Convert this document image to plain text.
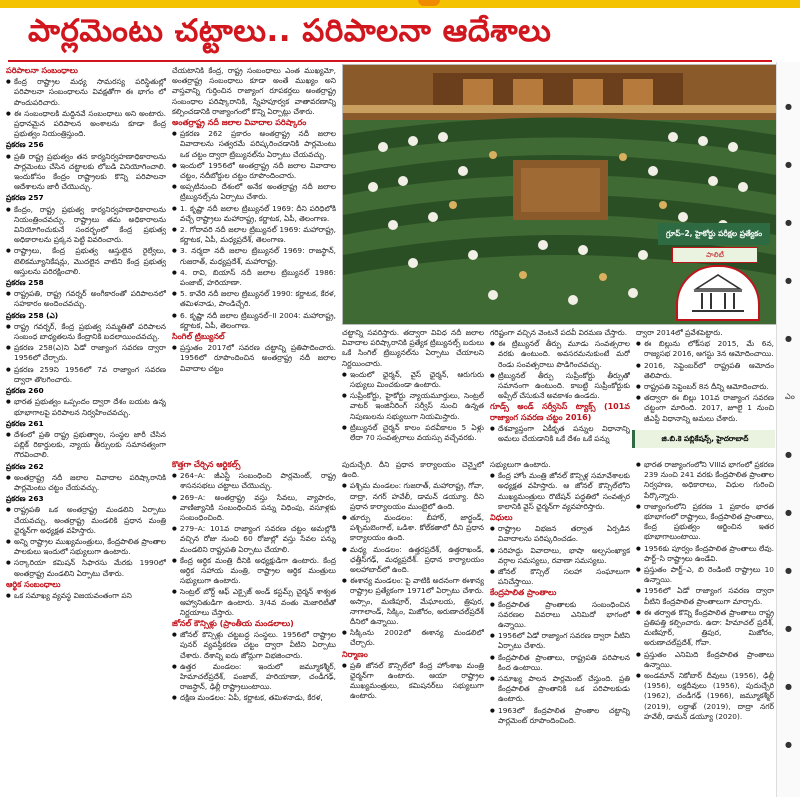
పార్లమెంటు చట్టాలు.. పరిపాలనా ఆదేశాలు

పరిపాలనా సంబంధాలు

● కేంద్ర రాష్ట్రాల మధ్య సామరస్య పరిస్థితుల్లో పరిపాలనా సంబంధాలను వివక్షతోగా ఈ భాగం లో పొందుపరిచారు.

● ఈ సంబంధాలకి మద్దినవే సంబంధాలు అని అంటారు. ప్రధానమైన పరిపాలన అంశాలను కూడా కేంద్ర ప్రభుత్వం నియంత్రిస్తుంది.

ప్రకరణ 256

● ప్రతి రాష్ట్ర ప్రభుత్వం తన కార్యనిర్వహణాధికారాలను పార్లమెంటు చేసిన చట్టాలకు లోబడి వినియోగించాలి. ఇందుకోసం కేంద్రం రాష్ట్రాలకు కొన్ని పరిపాలనా ఆదేశాలను జారీ చేయొచ్చు.

ప్రకరణ 257

● కేంద్రం, రాష్ట్ర ప్రభుత్వ కార్యనిర్వహణాధికారాలను నియంత్రించవచ్చు. రాష్ట్రాలు తమ అధికారాలను వినియోగించుకునే సందర్భంలో కేంద్ర ప్రభుత్వ అధికారాలను ప్రక్కన పెట్టి వివరించారు.

● రాష్ట్రాలు, కేంద్ర ప్రభుత్వ ఆస్తులైన రైల్వేలు, టెలికమ్యూనికేషన్లు, మొదలైన వాటిని కేంద్ర ప్రభుత్వ ఆస్తులను పరిరక్షించాలి.

ప్రకరణ 258

● రాష్ట్రపతి, రాష్ట్ర గవర్నర్‌ అంగీకారంతో పరిపాలనలో సహకారం అందించవచ్చు.

ప్రకరణ 258 (ఎ)

● రాష్ట్ర గవర్నర్‌, కేంద్ర ప్రభుత్వ సమ్మతితో పరిపాలన సంబంధ బాధ్యతలను కేంద్రానికి బదలాయించవచ్చు.

● ప్రకరణ 258(ఎ)ని ఏడో రాజ్యాంగ సవరణ ద్వారా 1956లో చేర్చారు.

● ప్రకరణ 259ని 1956లో 7వ రాజ్యాంగ సవరణ ద్వారా తొలగించారు.

ప్రకరణ 260

● భారత ప్రభుత్వం ఒప్పందం ద్వారా దేశం బయట ఉన్న భూభాగాలపై పరిపాలన నిర్వహించవచ్చు.

ప్రకరణ 261

● దేశంలో ప్రతి రాష్ట్ర ప్రభుత్వాల, సంస్థల జారీ చేసిన పబ్లిక్‌ రికార్డులకు, న్యాయ తీర్పులకు సమానత్వంగా గౌరవించాలి.

ప్రకరణ 262

● అంతర్రాష్ట్ర నదీ జలాల వివాదాల పరిష్కారానికి పార్లమెంటు చట్టం చేయవచ్చు.

ప్రకరణ 263

● రాష్ట్రపతి ఒక అంతర్రాష్ట్ర మండలిని ఏర్పాటు చేయవచ్చు. అంతర్రాష్ట్ర మండలికి ప్రధాన మంత్రి ఛైర్మన్‌గా అధ్యక్షత వహిస్తారు.

● అన్ని రాష్ట్రాల ముఖ్యమంత్రులు, కేంద్రపాలిత ప్రాంతాల పాలకులు ఇందులో సభ్యులుగా ఉంటారు.

● సర్కారియా కమిషన్‌ సిఫారసు మేరకు 1990లో అంతర్రాష్ట్ర మండలిని ఏర్పాటు చేశారు.

ఆర్థిక సంబంధాలు

● ఒక సమాఖ్య వ్యవస్థ విజయవంతంగా పని

చేయటానికి కేంద్ర, రాష్ట్ర సంబంధాలు ఎంత ముఖ్యమో, అంతర్రాష్ట్ర సంబంధాలు కూడా అంతే ముఖ్యం అని వాస్తవాన్ని గుర్తించిన రాజ్యాంగ రూపకర్తలు అంతర్రాష్ట్ర సంబంధాల పరిష్కారానికి, స్నేహపూర్వక వాతావరణాన్ని కల్పించడానికి రాజ్యాంగంలో కొన్ని ఏర్పాట్లు చేశారు.

అంతర్రాష్ట్ర నదీ జలాల వివాదాల పరిష్కారం

● ప్రకరణ 262 ప్రకారం అంతర్రాష్ట్ర నదీ జలాల వివాదాలను సత్వరమే పరిష్కరించడానికి పార్లమెంటు ఒక చట్టం ద్వారా ట్రిబ్యునల్‌ను ఏర్పాటు చేయవచ్చు.

● ఇందులో 1956లో అంతర్రాష్ట్ర నదీ జలాల వివాదాల చట్టం, నదీబోర్డుల చట్టం రూపొందించారు.

● అప్పటినుంచి దేశంలో అనేక అంతర్రాష్ట్ర నదీ జలాల ట్రిబ్యునల్స్‌ను ఏర్పాటు చేశారు.

● 1. కృష్ణా నదీ జలాల ట్రిబ్యునల్‌ 1969: దీని పరిధిలోకి వచ్చే రాష్ట్రాలు మహారాష్ట్ర, కర్ణాటక, ఏపీ, తెలంగాణ.

● 2. గోదావరి నదీ జలాల ట్రిబ్యునల్‌ 1969: మహారాష్ట్ర, కర్ణాటక, ఏపీ, మధ్యప్రదేశ్‌, తెలంగాణ.

● 3. నర్మదా నదీ జలాల ట్రిబ్యునల్‌ 1969: రాజస్థాన్‌, గుజరాత్‌, మధ్యప్రదేశ్‌, మహారాష్ట్ర.

● 4. రావి, బియాస్‌ నదీ జలాల ట్రిబ్యునల్‌ 1986: పంజాబ్‌, హరియాణా.

● 5. కావేరి నదీ జలాల ట్రిబ్యునల్‌ 1990: కర్ణాటక, కేరళ, తమిళనాడు, పాండిచ్చేరి.

● 6. కృష్ణా నదీ జలాల ట్రిబ్యునల్‌–II 2004: మహారాష్ట్ర, కర్ణాటక, ఏపీ, తెలంగాణ.

సింగిల్‌ ట్రిబ్యునల్‌

● ప్రస్తుతం 2017లో సవరణ చట్టాన్ని ప్రతిపాదించారు. 1956లో రూపొందించిన అంతర్రాష్ట్ర నదీ జలాల వివాదాల చట్టం

గ్రూప్‌–2, హైకోర్టు పరీక్షల ప్రత్యేకం
పాలిటీ

చట్టాన్ని సవరిస్తారు. తద్వారా వివిధ నదీ జలాల వివాదాల పరిష్కారానికి ప్రత్యేక ట్రిబ్యునల్స్‌ బదులు ఒకే సింగిల్‌ ట్రిబ్యునల్‌ను ఏర్పాటు చేయాలని నిర్ణయించారు.

● ఇందులో ఛైర్మన్‌, వైస్‌ ఛైర్మన్‌, ఆరుగురు సభ్యులు మించకుండా ఉంటారు.

● సుప్రీంకోర్టు, హైకోర్టు న్యాయమూర్తులు, సెంట్రల్‌ వాటర్‌ ఇంజినీరింగ్‌ సర్వీస్‌ నుంచి ఉన్నత నిపుణులను సభ్యులుగా నియమిస్తారు.

● ట్రిబ్యునల్‌ చైర్మన్‌ కాలం పదవీకాలం 5 ఏళ్లు లేదా 70 సంవత్సరాలు వయస్సు వచ్చేవరకు.

గరిష్టంగా వచ్చిన వెంటనే పదవీ విరమణ చేస్తారు.

● ఈ ట్రిబ్యునల్‌ తీర్పు మూడు సంవత్సరాల వరకు ఉంటుంది. అవసరమనుకుంటే మరో రెండు సంవత్సరాలు పొడిగించవచ్చు.

● ట్రిబ్యునల్‌ తీర్పు సుప్రీంకోర్టు తీర్పుతో సమానంగా ఉంటుంది. కాబట్టి సుప్రీంకోర్టుకు అప్పీల్‌ చేసుకునే అవకాశం ఉండదు.

గూడ్స్‌ అండ్‌ సర్వీసెస్‌ ట్యాక్స్‌ (101వ రాజ్యాంగ సవరణ చట్టం 2016)

● దేశవ్యాప్తంగా ఏకీకృత పన్నుల విధానాన్ని అమలు చేయడానికి ఒకే దేశం ఒకే పన్ను

ద్వారా 2014లో ప్రవేశపెట్టారు.

● ఈ బిల్లును లోక్‌సభ 2015, మే 6న, రాజ్యసభ 2016, ఆగస్టు 3న ఆమోదించాయి.

● 2016, సెప్టెంబర్‌లో రాష్ట్రపతి ఆమోదం తెలిపారు.

● రాష్ట్రపతి సెప్టెంబర్‌ 8న దీన్ని ఆమోదించారు.

● తద్వారా ఈ బిల్లు 101వ రాజ్యాంగ సవరణ చట్టంగా మారింది. 2017, జూలై 1 నుంచి జీఎస్టీ విధానాన్ని అమలు చేశారు.

జి.బి.కె పబ్లికేషన్స్, హైదరాబాద్

కొత్తగా చేర్చిన ఆర్టికల్స్‌

● 264–A: జీఎస్టీ సంబంధించి పార్లమెంట్‌, రాష్ట్ర శాసనసభలు చట్టాలు చేయొచ్చు.

● 269–A: అంతర్రాష్ట్ర వస్తు సేవలు, వ్యాపారం, వాణిజ్యానికి సంబంధించిన పన్ను విధింపు, వసూళ్లకు సంబంధించింది.

● 279–A: 101వ రాజ్యాంగ సవరణ చట్టం అమల్లోకి వచ్చిన రోజు నుంచి 60 రోజుల్లో వస్తు సేవల పన్ను మండలిని రాష్ట్రపతి ఏర్పాటు చేయాలి.

● కేంద్ర ఆర్థిక మంత్రి దీనికి అధ్యక్షుడిగా ఉంటారు. కేంద్ర ఆర్థిక సహాయ మంత్రి, రాష్ట్రాల ఆర్థిక మంత్రులు సభ్యులుగా ఉంటారు.

● సెంట్రల్‌ బోర్డ్‌ ఆఫ్‌ ఎక్సైజ్‌ అండ్‌ కస్టమ్స్‌ చైర్మన్‌ శాశ్వత ఆహ్వానితుడిగా ఉంటారు. 3/4వ వంతు మెజారిటీతో నిర్ణయాలు చేస్తారు.

జోనల్‌ కౌన్సిళ్లు (ప్రాంతీయ మండలాలు)

● జోనల్‌ కౌన్సిళ్లు చట్టబద్ధ సంస్థలు. 1956లో రాష్ట్రాల పునర్‌ వ్యవస్థీకరణ చట్టం ద్వారా వీటిని ఏర్పాటు చేశారు. దేశాన్ని ఐదు జోన్లుగా విభజించారు.

● ఉత్తర మండలం: ఇందులో జమ్మూకశ్మీర్‌, హిమాచల్‌ప్రదేశ్‌, పంజాబ్‌, హరియాణా, చండీగఢ్‌, రాజస్థాన్‌, ఢిల్లీ రాష్ట్రాలుంటాయి.

● దక్షిణ మండలం: ఏపీ, కర్ణాటక, తమిళనాడు, కేరళ,

పుదుచ్చేరి. దీని ప్రధాన కార్యాలయం చెన్నైలో ఉంది.

● పశ్చిమ మండలం: గుజరాత్‌, మహారాష్ట్ర, గోవా, దాద్రా, నగర్‌ హవేలీ, డామన్‌ డయ్యూ. దీని ప్రధాన కార్యాలయం ముంబైలో ఉంది.

● తూర్పు మండలం: బీహార్‌, జార్ఖండ్‌, పశ్చిమబెంగాల్‌, ఒడిశా. కోల్‌కతాలో దీని ప్రధాన కార్యాలయం ఉంది.

● మధ్య మండలం: ఉత్తరప్రదేశ్‌, ఉత్తరాఖండ్‌, ఛత్తీస్‌గఢ్‌, మధ్యప్రదేశ్‌. ప్రధాన కార్యాలయం అలహాబాద్‌లో ఉంది.

● ఈశాన్య మండలం: పై వాటికి అదనంగా ఈశాన్య రాష్ట్రాల ప్రత్యేకంగా 1971లో ఏర్పాటు చేశారు. అస్సాం, మణిపూర్‌, మేఘాలయ, త్రిపుర, నాగాలాండ్‌, సిక్కిం, మిజోరం, అరుణాచల్‌ప్రదేశ్‌ దీనిలో ఉన్నాయి.

● సిక్కింను 2002లో ఈశాన్య మండలిలో చేర్చారు.

నిర్మాణం

● ప్రతి జోనల్‌ కౌన్సిల్‌లో కేంద్ర హోంశాఖ మంత్రి ఛైర్మన్‌గా ఉంటారు. ఆయా రాష్ట్రాల ముఖ్యమంత్రులు, కమిషనర్‌లు సభ్యులుగా ఉంటారు.

సభ్యులుగా ఉంటారు.

● కేంద్ర హోం మంత్రి జోనల్‌ కౌన్సిళ్ల సమావేశాలకు అధ్యక్షత వహిస్తారు. ఆ జోనల్‌ కౌన్సిల్‌లోని ముఖ్యమంత్రులు రొటేషన్‌ పద్ధతిలో సంవత్సర కాలానికి వైస్‌ ఛైర్మన్‌గా వ్యవహరిస్తారు.

విధులు

● రాష్ట్రాల విభజన తర్వాత ఏర్పడిన వివాదాలను పరిష్కరించడం.

● సరిహద్దు వివాదాలు, భాషా అల్పసంఖ్యాక వర్గాల సమస్యలు, రవాణా సమస్యలు.

● జోనల్‌ కౌన్సిల్‌ సలహా సంఘాలుగా పనిచేస్తాయి.

కేంద్రపాలిత ప్రాంతాలు

● కేంద్రపాలిత ప్రాంతాలకు సంబంధించిన సవరణల వివరాలు ఎనిమిదో భాగంలో ఉన్నాయి.

● 1956లో ఏడో రాజ్యాంగ సవరణ ద్వారా వీటిని ఏర్పాటు చేశారు.

● కేంద్రపాలిత ప్రాంతాలు, రాష్ట్రపతి పరిపాలన కింద ఉంటాయి.

● సమాఖ్య పాలన పార్లమెంట్‌ చేస్తుంది. ప్రతి కేంద్రపాలిత ప్రాంతానికి ఒక పరిపాలకుడు ఉంటారు.

● 1963లో కేంద్రపాలిత ప్రాంతాల చట్టాన్ని పార్లమెంట్‌ రూపొందించింది.

● భారత రాజ్యాంగంలోని VIIIవ భాగంలో ప్రకరణ 239 నుంచి 241 వరకు కేంద్రపాలిత ప్రాంతాల నిర్వహణ, అధికారాలు, విధుల గురించి పేర్కొన్నారు.

● రాజ్యాంగంలోని ప్రకరణ 1 ప్రకారం భారత భూభాగంలో రాష్ట్రాలు, కేంద్రపాలిత ప్రాంతాలు, కేంద్ర ప్రభుత్వం ఆర్జించిన ఇతర భూభాగాలుంటాయి.

● 1956కు పూర్వం కేంద్రపాలిత ప్రాంతాలు లేవు. పార్ట్‌–సి రాష్ట్రాలు ఉండేవి.

● ప్రస్తుతం పార్ట్‌–ఎ, బి రెండింటి రాష్ట్రాలు 10 ఉన్నాయి.

● 1956లో ఏడో రాజ్యాంగ సవరణ ద్వారా వీటిని కేంద్రపాలిత ప్రాంతాలుగా మార్చారు.

● ఈ తర్వాత కొన్ని కేంద్రపాలిత ప్రాంతాలు రాష్ట్ర ప్రతిపత్తి కల్పించారు. ఉదా: హిమాచల్‌ ప్రదేశ్‌, మణిపూర్‌, త్రిపుర, మిజోరం, అరుణాచల్‌ప్రదేశ్‌, గోవా.

● ప్రస్తుతం ఎనిమిది కేంద్రపాలిత ప్రాంతాలు ఉన్నాయి.

● అండమాన్‌ నికోబార్‌ దీవులు (1956), ఢిల్లీ (1956), లక్షదీవులు (1956), పుదుచ్చేరి (1962), చండీగఢ్‌ (1966), జమ్మూకశ్మీర్‌ (2019), లద్దాఖ్‌ (2019), దాద్రా నగర్‌ హవేలీ, డామన్‌ డయ్యూ (2020).

●
●
●
●
●
ఎం
●
●
●
●
●
●
